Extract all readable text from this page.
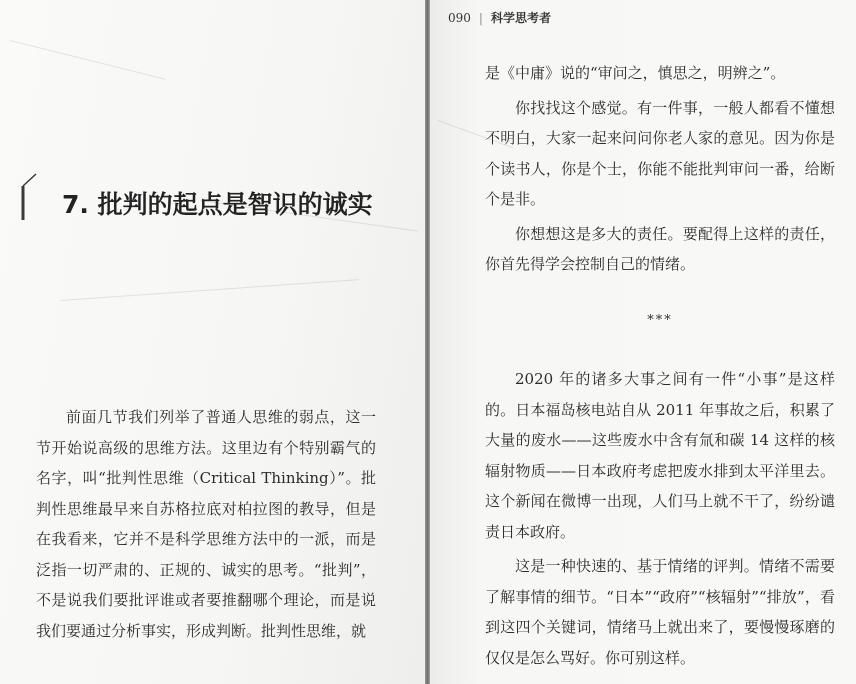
7. 批判的起点是智识的诚实

前面几节我们列举了普通人思维的弱点，这一节开始说高级的思维方法。这里边有个特别霸气的名字，叫“批判性思维（Critical Thinking）”。批判性思维最早来自苏格拉底对柏拉图的教导，但是在我看来，它并不是科学思维方法中的一派，而是泛指一切严肃的、正规的、诚实的思考。“批判”，不是说我们要批评谁或者要推翻哪个理论，而是说我们要通过分析事实，形成判断。批判性思维，就

090 | 科学思考者

是《中庸》说的“审问之，慎思之，明辨之”。

你找找这个感觉。有一件事，一般人都看不懂想不明白，大家一起来问问你老人家的意见。因为你是个读书人，你是个士，你能不能批判审问一番，给断个是非。

你想想这是多大的责任。要配得上这样的责任，你首先得学会控制自己的情绪。

***

2020 年的诸多大事之间有一件“小事”是这样的。日本福岛核电站自从 2011 年事故之后，积累了大量的废水——这些废水中含有氚和碳 14 这样的核辐射物质——日本政府考虑把废水排到太平洋里去。这个新闻在微博一出现，人们马上就不干了，纷纷谴责日本政府。

这是一种快速的、基于情绪的评判。情绪不需要了解事情的细节。“日本”“政府”“核辐射”“排放”，看到这四个关键词，情绪马上就出来了，要慢慢琢磨的仅仅是怎么骂好。你可别这样。
